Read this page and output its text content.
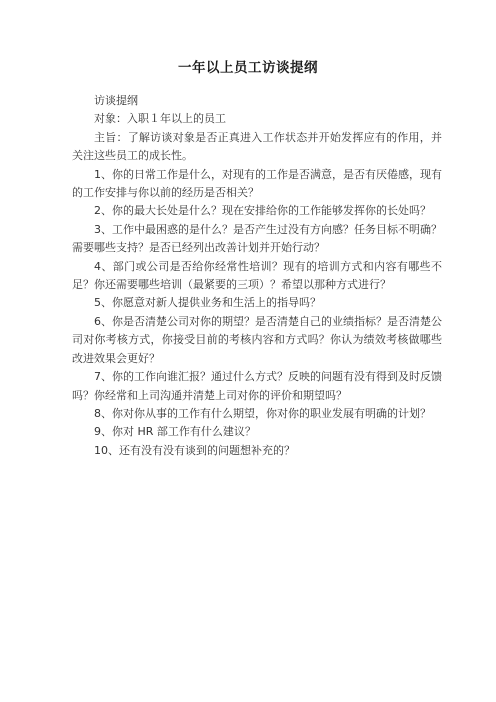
一年以上员工访谈提纲

访谈提纲

对象：入职１年以上的员工

主旨：了解访谈对象是否正真进入工作状态并开始发挥应有的作用，并关注这些员工的成长性。

1、你的日常工作是什么，对现有的工作是否满意，是否有厌倦感，现有的工作安排与你以前的经历是否相关？

2、你的最大长处是什么？现在安排给你的工作能够发挥你的长处吗？

3、工作中最困惑的是什么？是否产生过没有方向感？任务目标不明确？需要哪些支持？是否已经列出改善计划并开始行动？

4、部门或公司是否给你经常性培训？现有的培训方式和内容有哪些不足？你还需要哪些培训（最紧要的三项）？希望以那种方式进行？

5、你愿意对新人提供业务和生活上的指导吗？

6、你是否清楚公司对你的期望？是否清楚自己的业绩指标？是否清楚公司对你考核方式，你接受目前的考核内容和方式吗？你认为绩效考核做哪些改进效果会更好？

7、你的工作向谁汇报？通过什么方式？反映的问题有没有得到及时反馈吗？你经常和上司沟通并清楚上司对你的评价和期望吗？

8、你对你从事的工作有什么期望，你对你的职业发展有明确的计划？

9、你对 HR 部工作有什么建议？

10、还有没有没有谈到的问题想补充的？
